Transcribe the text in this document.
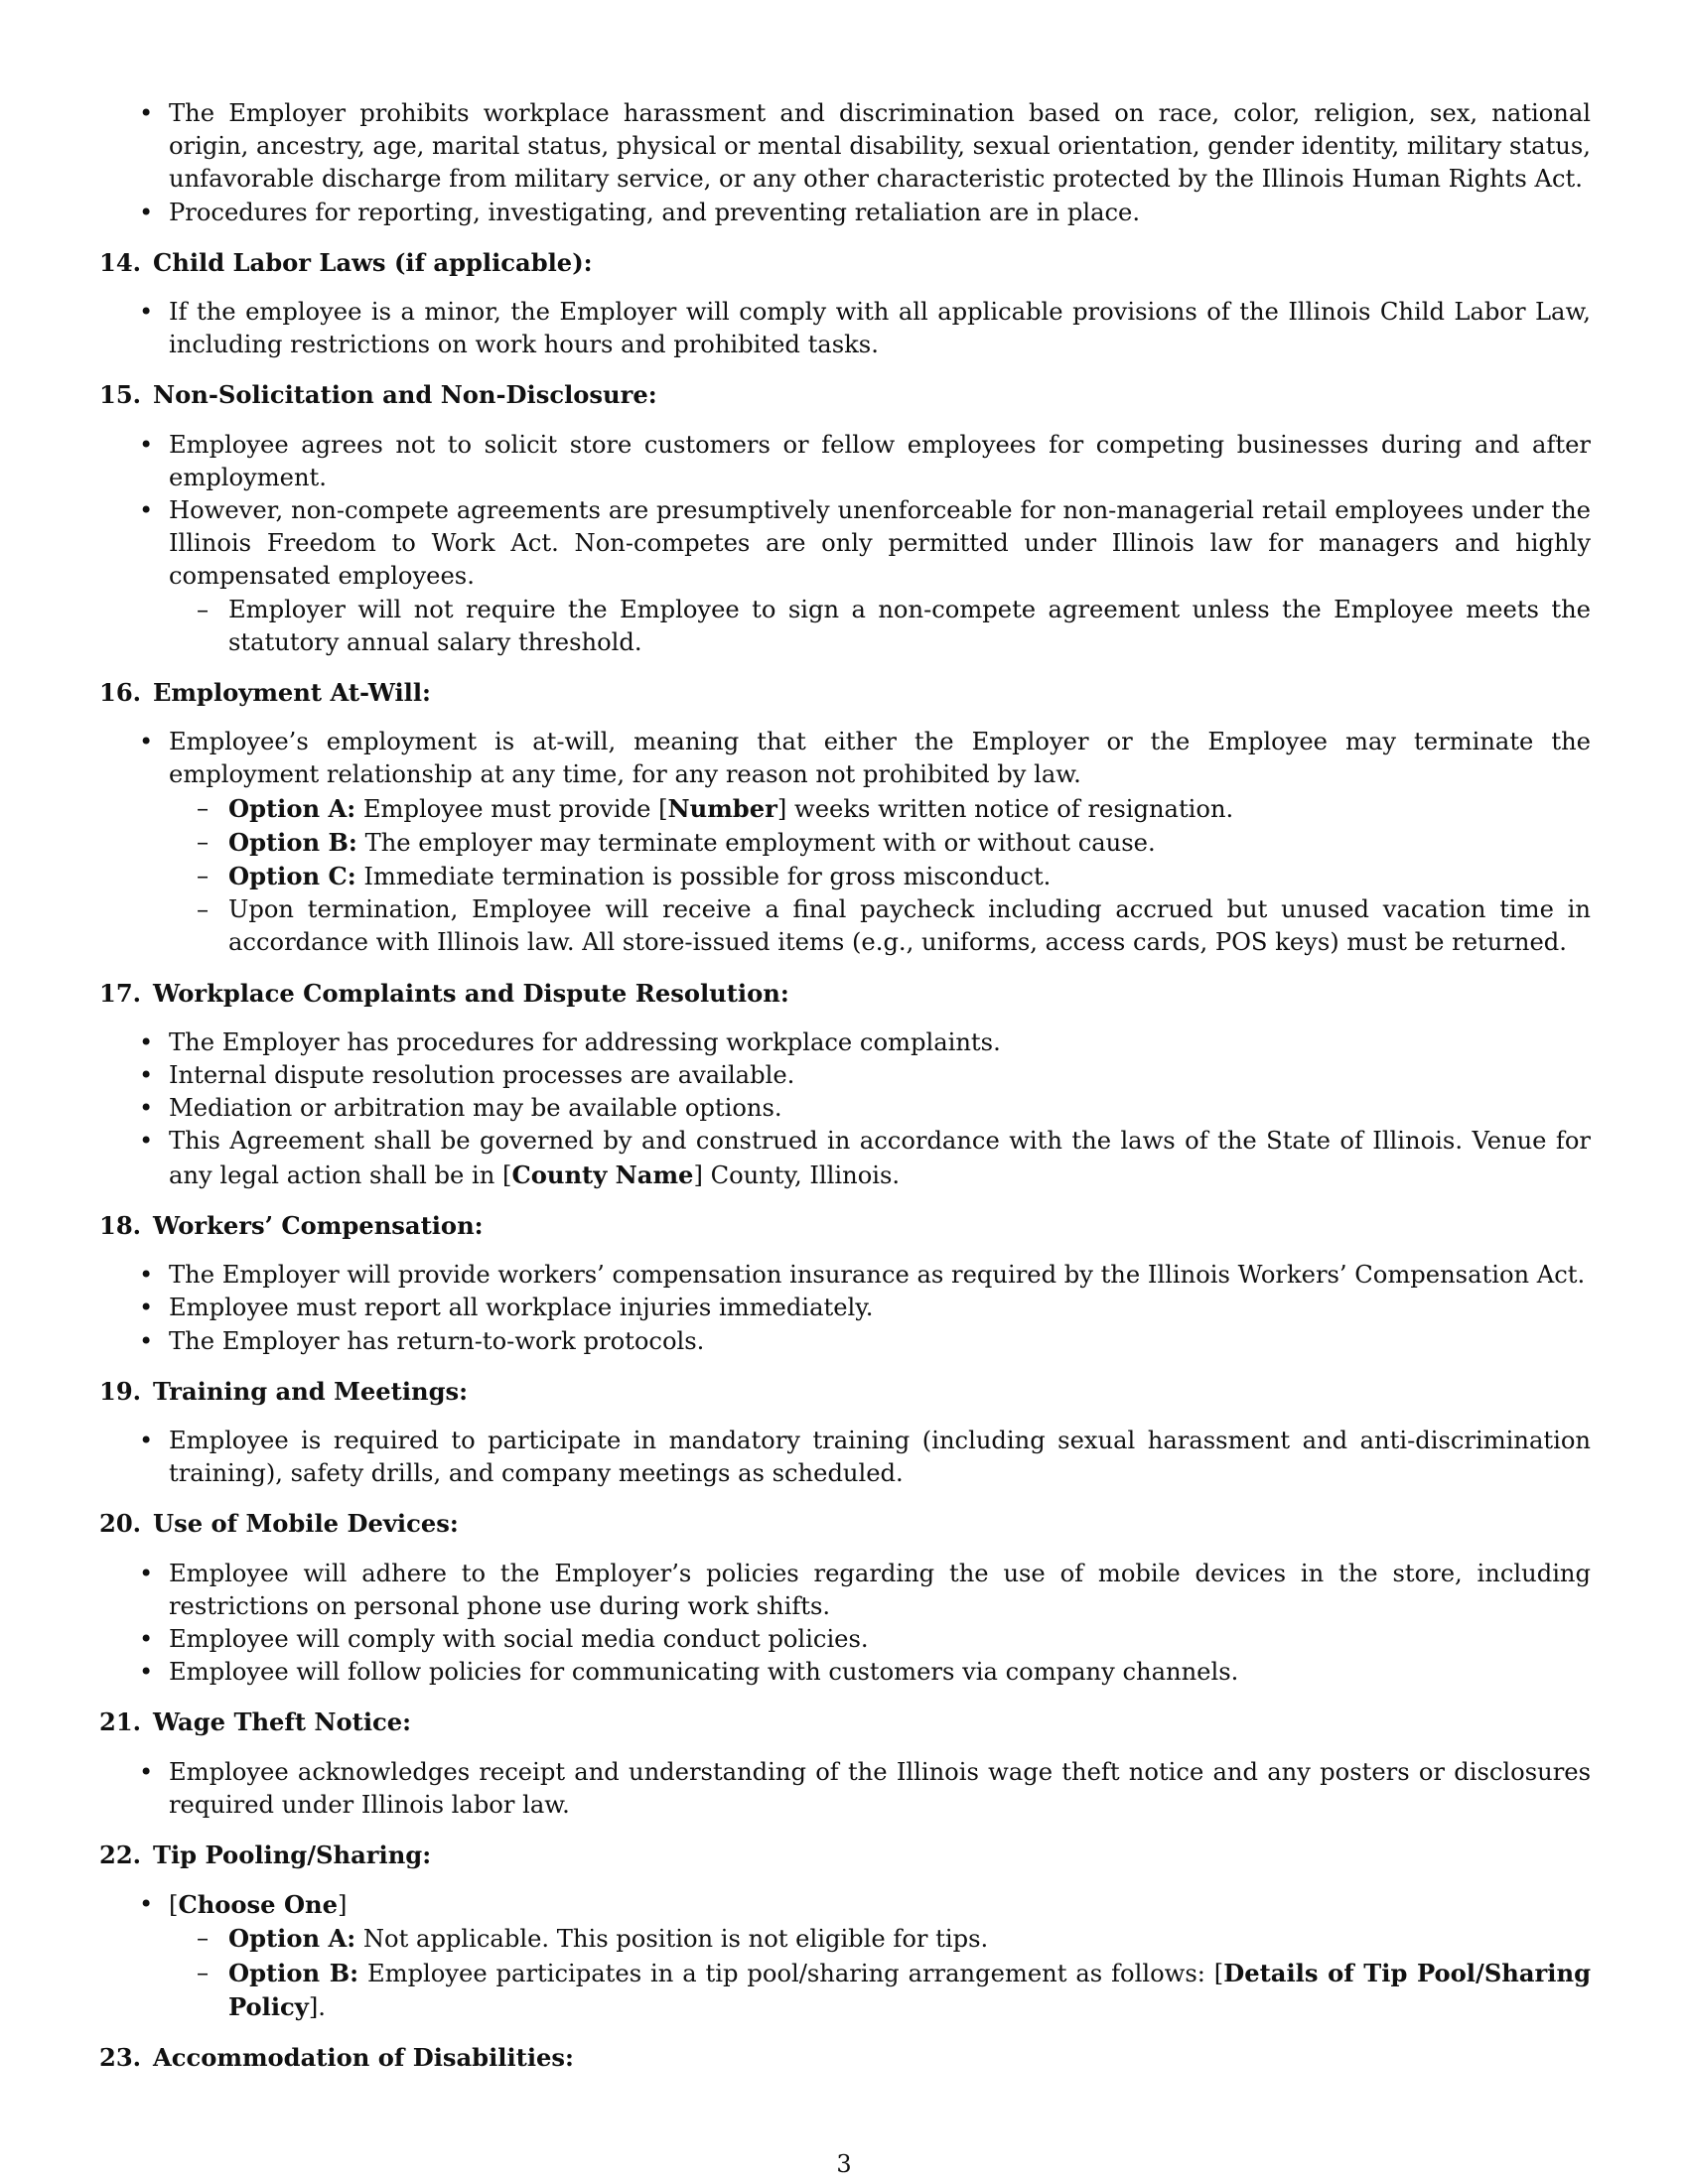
• The Employer prohibits workplace harassment and discrimination based on race, color, religion, sex, national origin, ancestry, age, marital status, physical or mental disability, sexual orientation, gender identity, military status, unfavorable discharge from military service, or any other characteristic protected by the Illinois Human Rights Act.
• Procedures for reporting, investigating, and preventing retaliation are in place.
14. Child Labor Laws (if applicable):
• If the employee is a minor, the Employer will comply with all applicable provisions of the Illinois Child Labor Law, including restrictions on work hours and prohibited tasks.
15. Non-Solicitation and Non-Disclosure:
• Employee agrees not to solicit store customers or fellow employees for competing businesses during and after employment.
• However, non-compete agreements are presumptively unenforceable for non-managerial retail employees under the Illinois Freedom to Work Act. Non-competes are only permitted under Illinois law for managers and highly compensated employees.
– Employer will not require the Employee to sign a non-compete agreement unless the Employee meets the statutory annual salary threshold.
16. Employment At-Will:
• Employee’s employment is at-will, meaning that either the Employer or the Employee may terminate the employment relationship at any time, for any reason not prohibited by law.
– Option A: Employee must provide [Number] weeks written notice of resignation.
– Option B: The employer may terminate employment with or without cause.
– Option C: Immediate termination is possible for gross misconduct.
– Upon termination, Employee will receive a final paycheck including accrued but unused vacation time in accordance with Illinois law. All store-issued items (e.g., uniforms, access cards, POS keys) must be returned.
17. Workplace Complaints and Dispute Resolution:
• The Employer has procedures for addressing workplace complaints.
• Internal dispute resolution processes are available.
• Mediation or arbitration may be available options.
• This Agreement shall be governed by and construed in accordance with the laws of the State of Illinois. Venue for any legal action shall be in [County Name] County, Illinois.
18. Workers’ Compensation:
• The Employer will provide workers’ compensation insurance as required by the Illinois Workers’ Compensation Act.
• Employee must report all workplace injuries immediately.
• The Employer has return-to-work protocols.
19. Training and Meetings:
• Employee is required to participate in mandatory training (including sexual harassment and anti-discrimination training), safety drills, and company meetings as scheduled.
20. Use of Mobile Devices:
• Employee will adhere to the Employer’s policies regarding the use of mobile devices in the store, including restrictions on personal phone use during work shifts.
• Employee will comply with social media conduct policies.
• Employee will follow policies for communicating with customers via company channels.
21. Wage Theft Notice:
• Employee acknowledges receipt and understanding of the Illinois wage theft notice and any posters or disclosures required under Illinois labor law.
22. Tip Pooling/Sharing:
• [Choose One]
– Option A: Not applicable. This position is not eligible for tips.
– Option B: Employee participates in a tip pool/sharing arrangement as follows: [Details of Tip Pool/Sharing Policy].
23. Accommodation of Disabilities:
3
